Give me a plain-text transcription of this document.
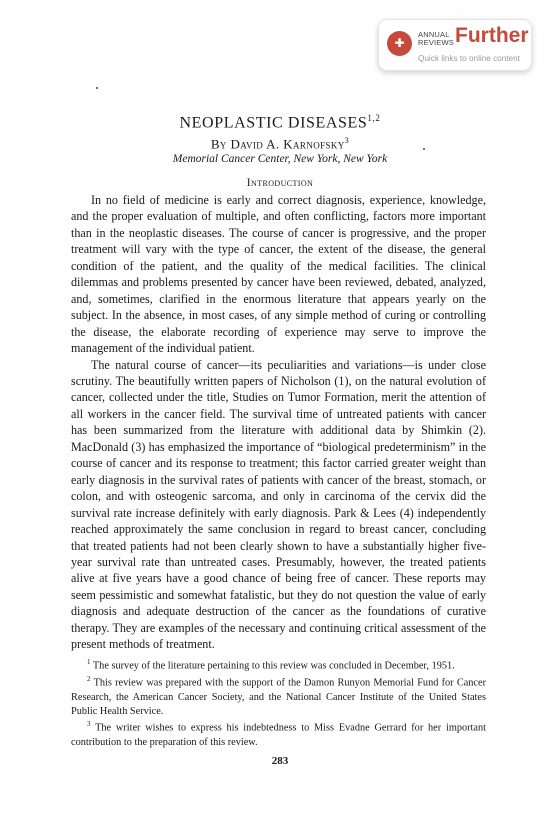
✚
ANNUAL
REVIEWS Further
Quick links to online content
NEOPLASTIC DISEASES$^{1,2}$
By David A. Karnofsky$^3$
Memorial Cancer Center, New York, New York
Introduction

In no field of medicine is early and correct diagnosis, experience, knowledge, and the proper evaluation of multiple, and often conflicting, factors more important than in the neoplastic diseases. The course of cancer is progressive, and the proper treatment will vary with the type of cancer, the extent of the disease, the general condition of the patient, and the quality of the medical facilities. The clinical dilemmas and problems presented by cancer have been reviewed, debated, analyzed, and, sometimes, clarified in the enormous literature that appears yearly on the subject. In the absence, in most cases, of any simple method of curing or controlling the disease, the elaborate recording of experience may serve to improve the management of the individual patient.

The natural course of cancer—its peculiarities and variations—is under close scrutiny. The beautifully written papers of Nicholson (1), on the natural evolution of cancer, collected under the title, Studies on Tumor Formation, merit the attention of all workers in the cancer field. The survival time of untreated patients with cancer has been summarized from the literature with additional data by Shimkin (2). MacDonald (3) has emphasized the importance of “biological predeterminism” in the course of cancer and its response to treatment; this factor carried greater weight than early diagnosis in the survival rates of patients with cancer of the breast, stomach, or colon, and with osteogenic sarcoma, and only in carcinoma of the cervix did the survival rate increase definitely with early diagnosis. Park & Lees (4) independently reached approximately the same conclusion in regard to breast cancer, concluding that treated patients had not been clearly shown to have a substantially higher five-year survival rate than untreated cases. Presumably, however, the treated patients alive at five years have a good chance of being free of cancer. These reports may seem pessimistic and somewhat fatalistic, but they do not question the value of early diagnosis and adequate destruction of the cancer as the foundations of curative therapy. They are examples of the necessary and continuing critical assessment of the present methods of treatment.

$^1$ The survey of the literature pertaining to this review was concluded in December, 1951.

$^2$ This review was prepared with the support of the Damon Runyon Memorial Fund for Cancer Research, the American Cancer Society, and the National Cancer Institute of the United States Public Health Service.

$^3$ The writer wishes to express his indebtedness to Miss Evadne Gerrard for her important contribution to the preparation of this review.

283
